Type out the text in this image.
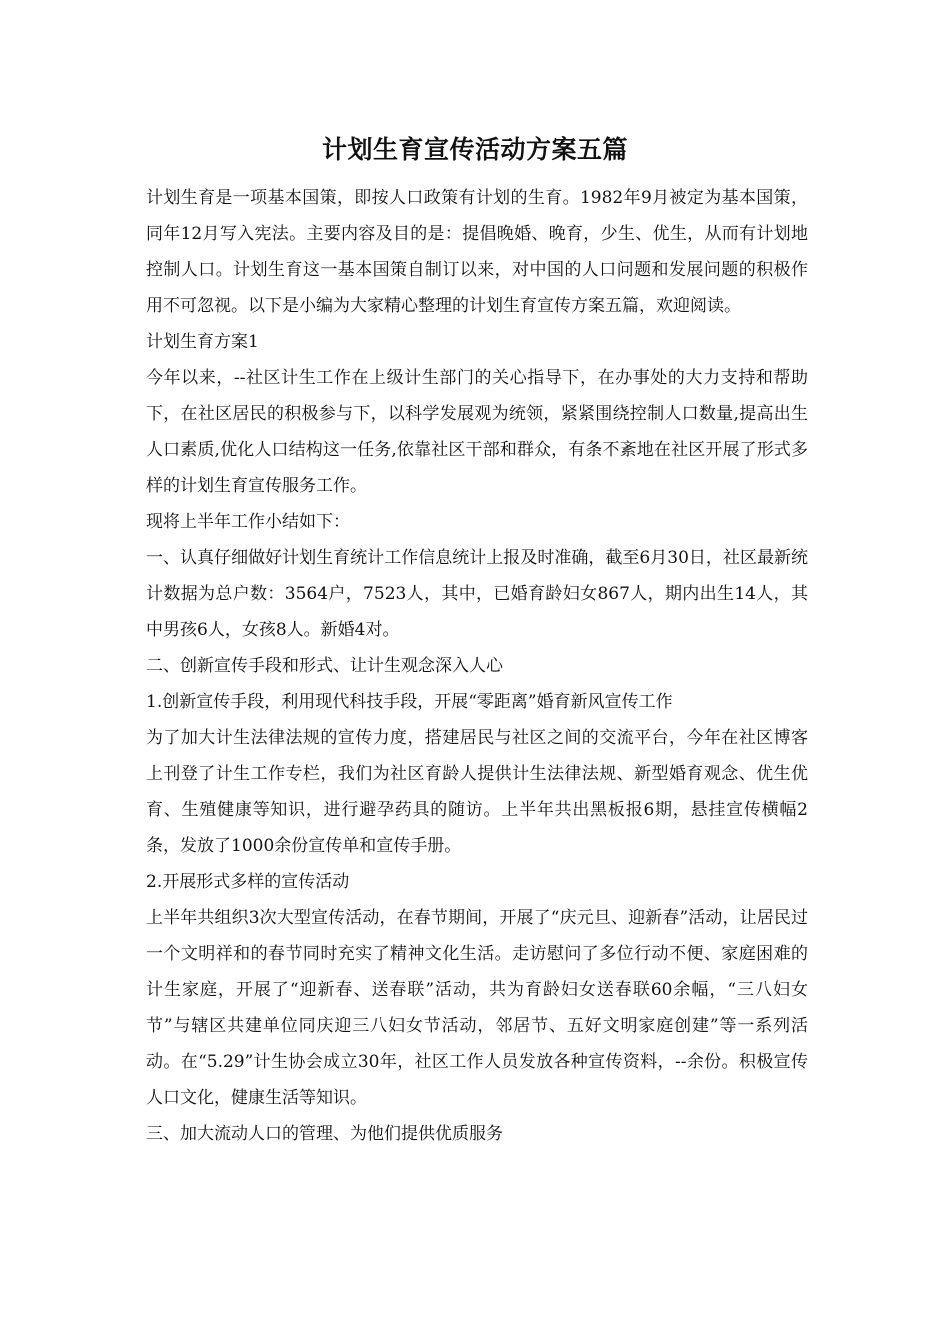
计划生育宣传活动方案五篇

计划生育是一项基本国策，即按人口政策有计划的生育。1982年9月被定为基本国策，同年12月写入宪法。主要内容及目的是：提倡晚婚、晚育，少生、优生，从而有计划地控制人口。计划生育这一基本国策自制订以来，对中国的人口问题和发展问题的积极作用不可忽视。以下是小编为大家精心整理的计划生育宣传方案五篇，欢迎阅读。

计划生育方案1

今年以来，--社区计生工作在上级计生部门的关心指导下，在办事处的大力支持和帮助下，在社区居民的积极参与下，以科学发展观为统领，紧紧围绕控制人口数量,提高出生人口素质,优化人口结构这一任务,依靠社区干部和群众，有条不紊地在社区开展了形式多样的计划生育宣传服务工作。

现将上半年工作小结如下：

一、认真仔细做好计划生育统计工作信息统计上报及时准确，截至6月30日，社区最新统计数据为总户数：3564户，7523人，其中，已婚育龄妇女867人，期内出生14人，其中男孩6人，女孩8人。新婚4对。

二、创新宣传手段和形式、让计生观念深入人心

1.创新宣传手段，利用现代科技手段，开展“零距离”婚育新风宣传工作

为了加大计生法律法规的宣传力度，搭建居民与社区之间的交流平台，今年在社区博客上刊登了计生工作专栏，我们为社区育龄人提供计生法律法规、新型婚育观念、优生优育、生殖健康等知识，进行避孕药具的随访。上半年共出黑板报6期，悬挂宣传横幅2条，发放了1000余份宣传单和宣传手册。

2.开展形式多样的宣传活动

上半年共组织3次大型宣传活动，在春节期间，开展了“庆元旦、迎新春”活动，让居民过一个文明祥和的春节同时充实了精神文化生活。走访慰问了多位行动不便、家庭困难的计生家庭，开展了“迎新春、送春联”活动，共为育龄妇女送春联60余幅，“三八妇女节”与辖区共建单位同庆迎三八妇女节活动，邻居节、五好文明家庭创建”等一系列活动。在“5.29”计生协会成立30年，社区工作人员发放各种宣传资料，--余份。积极宣传人口文化，健康生活等知识。

三、加大流动人口的管理、为他们提供优质服务
